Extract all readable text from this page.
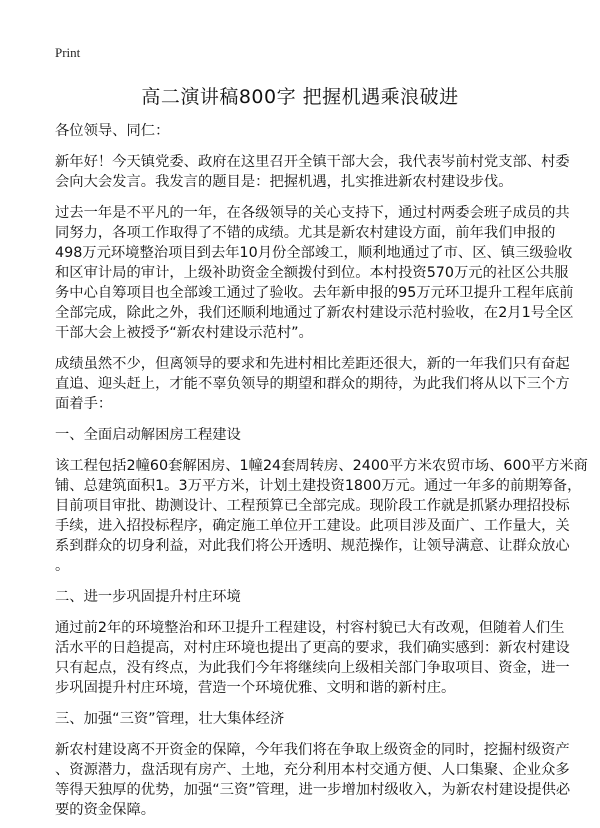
Print
高二演讲稿800字 把握机遇乘浪破进
各位领导、同仁：
新年好！今天镇党委、政府在这里召开全镇干部大会，我代表岑前村党支部、村委
会向大会发言。我发言的题目是：把握机遇，扎实推进新农村建设步伐。
过去一年是不平凡的一年，在各级领导的关心支持下，通过村两委会班子成员的共
同努力，各项工作取得了不错的成绩。尤其是新农村建设方面，前年我们申报的
498万元环境整治项目到去年10月份全部竣工，顺利地通过了市、区、镇三级验收
和区审计局的审计，上级补助资金全额拨付到位。本村投资570万元的社区公共服
务中心自筹项目也全部竣工通过了验收。去年新申报的95万元环卫提升工程年底前
全部完成，除此之外，我们还顺利地通过了新农村建设示范村验收，在2月1号全区
干部大会上被授予“新农村建设示范村”。
成绩虽然不少，但离领导的要求和先进村相比差距还很大，新的一年我们只有奋起
直追、迎头赶上，才能不辜负领导的期望和群众的期待，为此我们将从以下三个方
面着手：
一、全面启动解困房工程建设
该工程包括2幢60套解困房、1幢24套周转房、2400平方米农贸市场、600平方米商
铺、总建筑面积1。3万平方米，计划土建投资1800万元。通过一年多的前期筹备，
目前项目审批、勘测设计、工程预算已全部完成。现阶段工作就是抓紧办理招投标
手续，进入招投标程序，确定施工单位开工建设。此项目涉及面广、工作量大，关
系到群众的切身利益，对此我们将公开透明、规范操作，让领导满意、让群众放心
。
二、进一步巩固提升村庄环境
通过前2年的环境整治和环卫提升工程建设，村容村貌已大有改观，但随着人们生
活水平的日趋提高，对村庄环境也提出了更高的要求，我们确实感到：新农村建设
只有起点，没有终点，为此我们今年将继续向上级相关部门争取项目、资金，进一
步巩固提升村庄环境，营造一个环境优雅、文明和谐的新村庄。
三、加强“三资”管理，壮大集体经济
新农村建设离不开资金的保障，今年我们将在争取上级资金的同时，挖掘村级资产
、资源潜力，盘活现有房产、土地，充分利用本村交通方便、人口集聚、企业众多
等得天独厚的优势，加强“三资”管理，进一步增加村级收入，为新农村建设提供必
要的资金保障。
